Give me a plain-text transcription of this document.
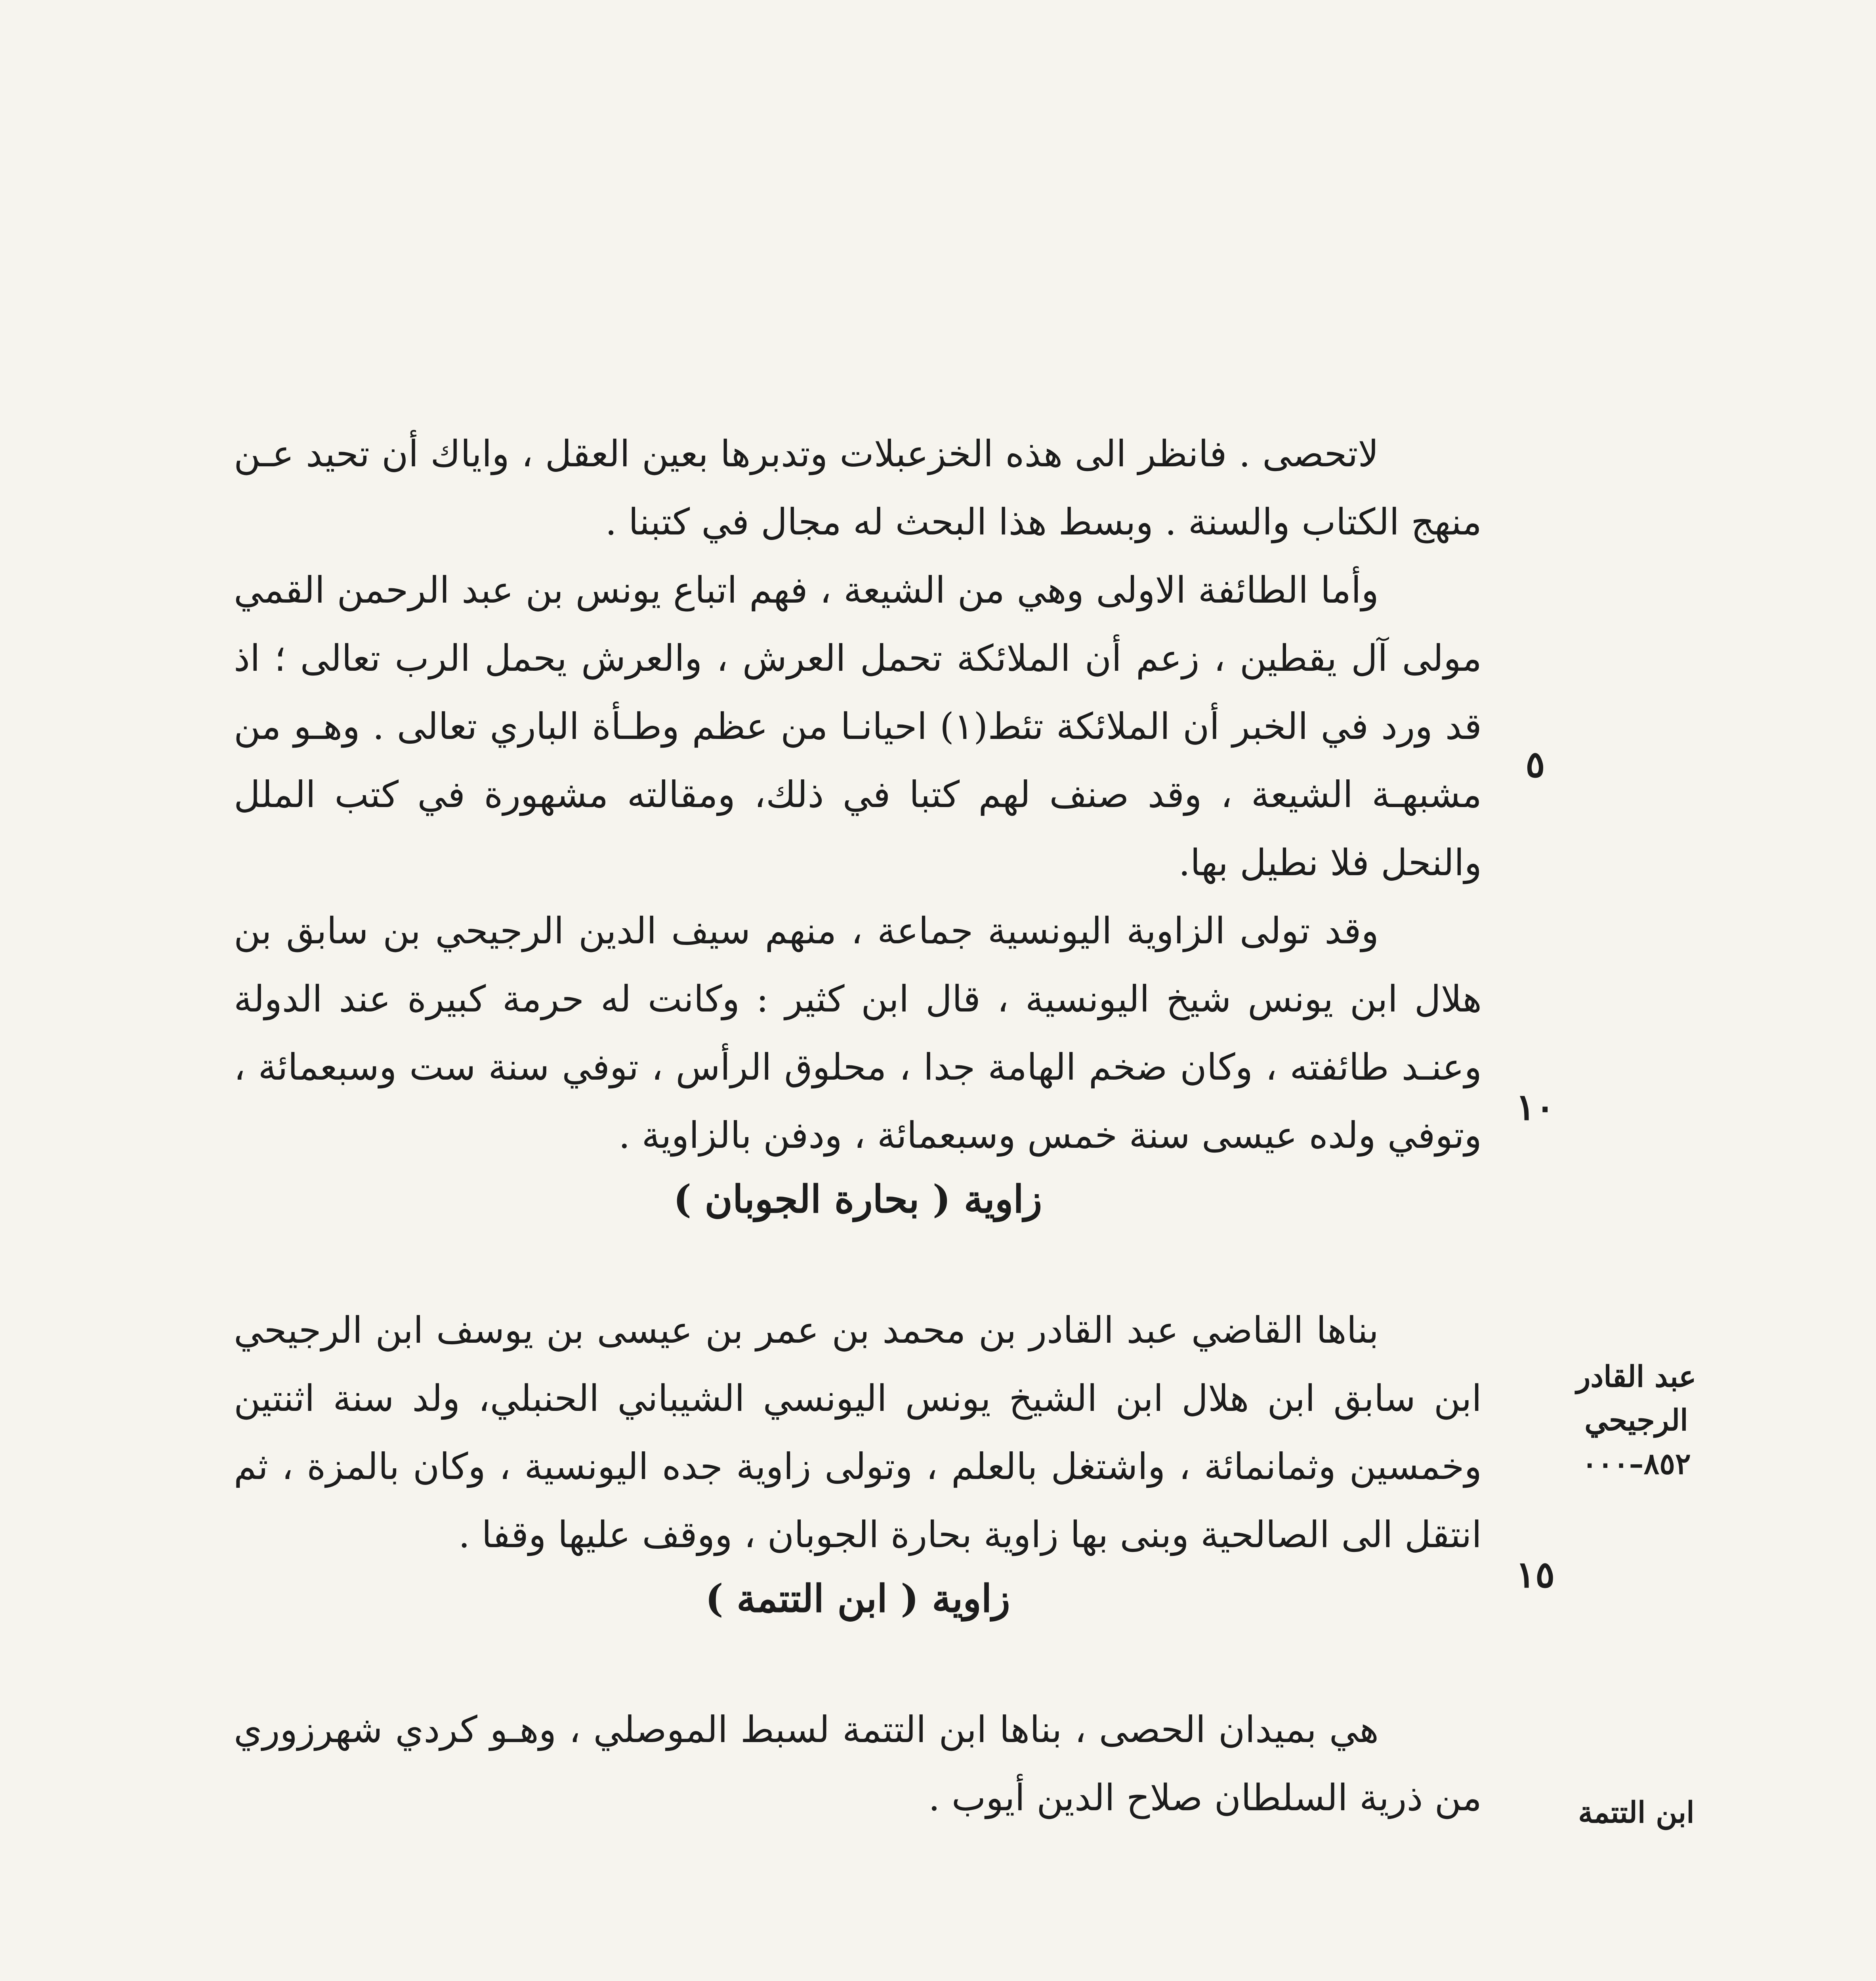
لاتحصى . فانظر الى هذه الخزعبلات وتدبرها بعين العقل ، واياك أن تحيد عـن منهج الكتاب والسنة . وبسط هذا البحث له مجال في كتبنا .

وأما الطائفة الاولى وهي من الشيعة ، فهم اتباع يونس بن عبد الرحمن القمي مولى آل يقطين ، زعم أن الملائكة تحمل العرش ، والعرش يحمل الرب تعالى ؛ اذ قد ورد في الخبر أن الملائكة تئط(١) احيانـا من عظم وطـأة الباري تعالى . وهـو من مشبهـة الشيعة ، وقد صنف لهم كتبا في ذلك، ومقالته مشهورة في كتب الملل والنحل فلا نطيل بها.

وقد تولى الزاوية اليونسية جماعة ، منهم سيف الدين الرجيحي بن سابق بن هلال ابن يونس شيخ اليونسية ، قال ابن كثير : وكانت له حرمة كبيرة عند الدولة وعنـد طائفته ، وكان ضخم الهامة جدا ، محلوق الرأس ، توفي سنة ست وسبعمائة ، وتوفي ولده عيسى سنة خمس وسبعمائة ، ودفن بالزاوية .

زاوية ( بحارة الجوبان )

بناها القاضي عبد القادر بن محمد بن عمر بن عيسى بن يوسف ابن الرجيحي ابن سابق ابن هلال ابن الشيخ يونس اليونسي الشيباني الحنبلي، ولد سنة اثنتين وخمسين وثمانمائة ، واشتغل بالعلم ، وتولى زاوية جده اليونسية ، وكان بالمزة ، ثم انتقل الى الصالحية وبنى بها زاوية بحارة الجوبان ، ووقف عليها وقفا .

زاوية ( ابن التتمة )

هي بميدان الحصى ، بناها ابن التتمة لسبط الموصلي ، وهـو كردي شهرزوري من ذرية السلطان صلاح الدين أيوب .

٥
١٠
١٥
عبد القادر
الرجيحي
٨٥٢–٠٠٠
ابن التتمة
